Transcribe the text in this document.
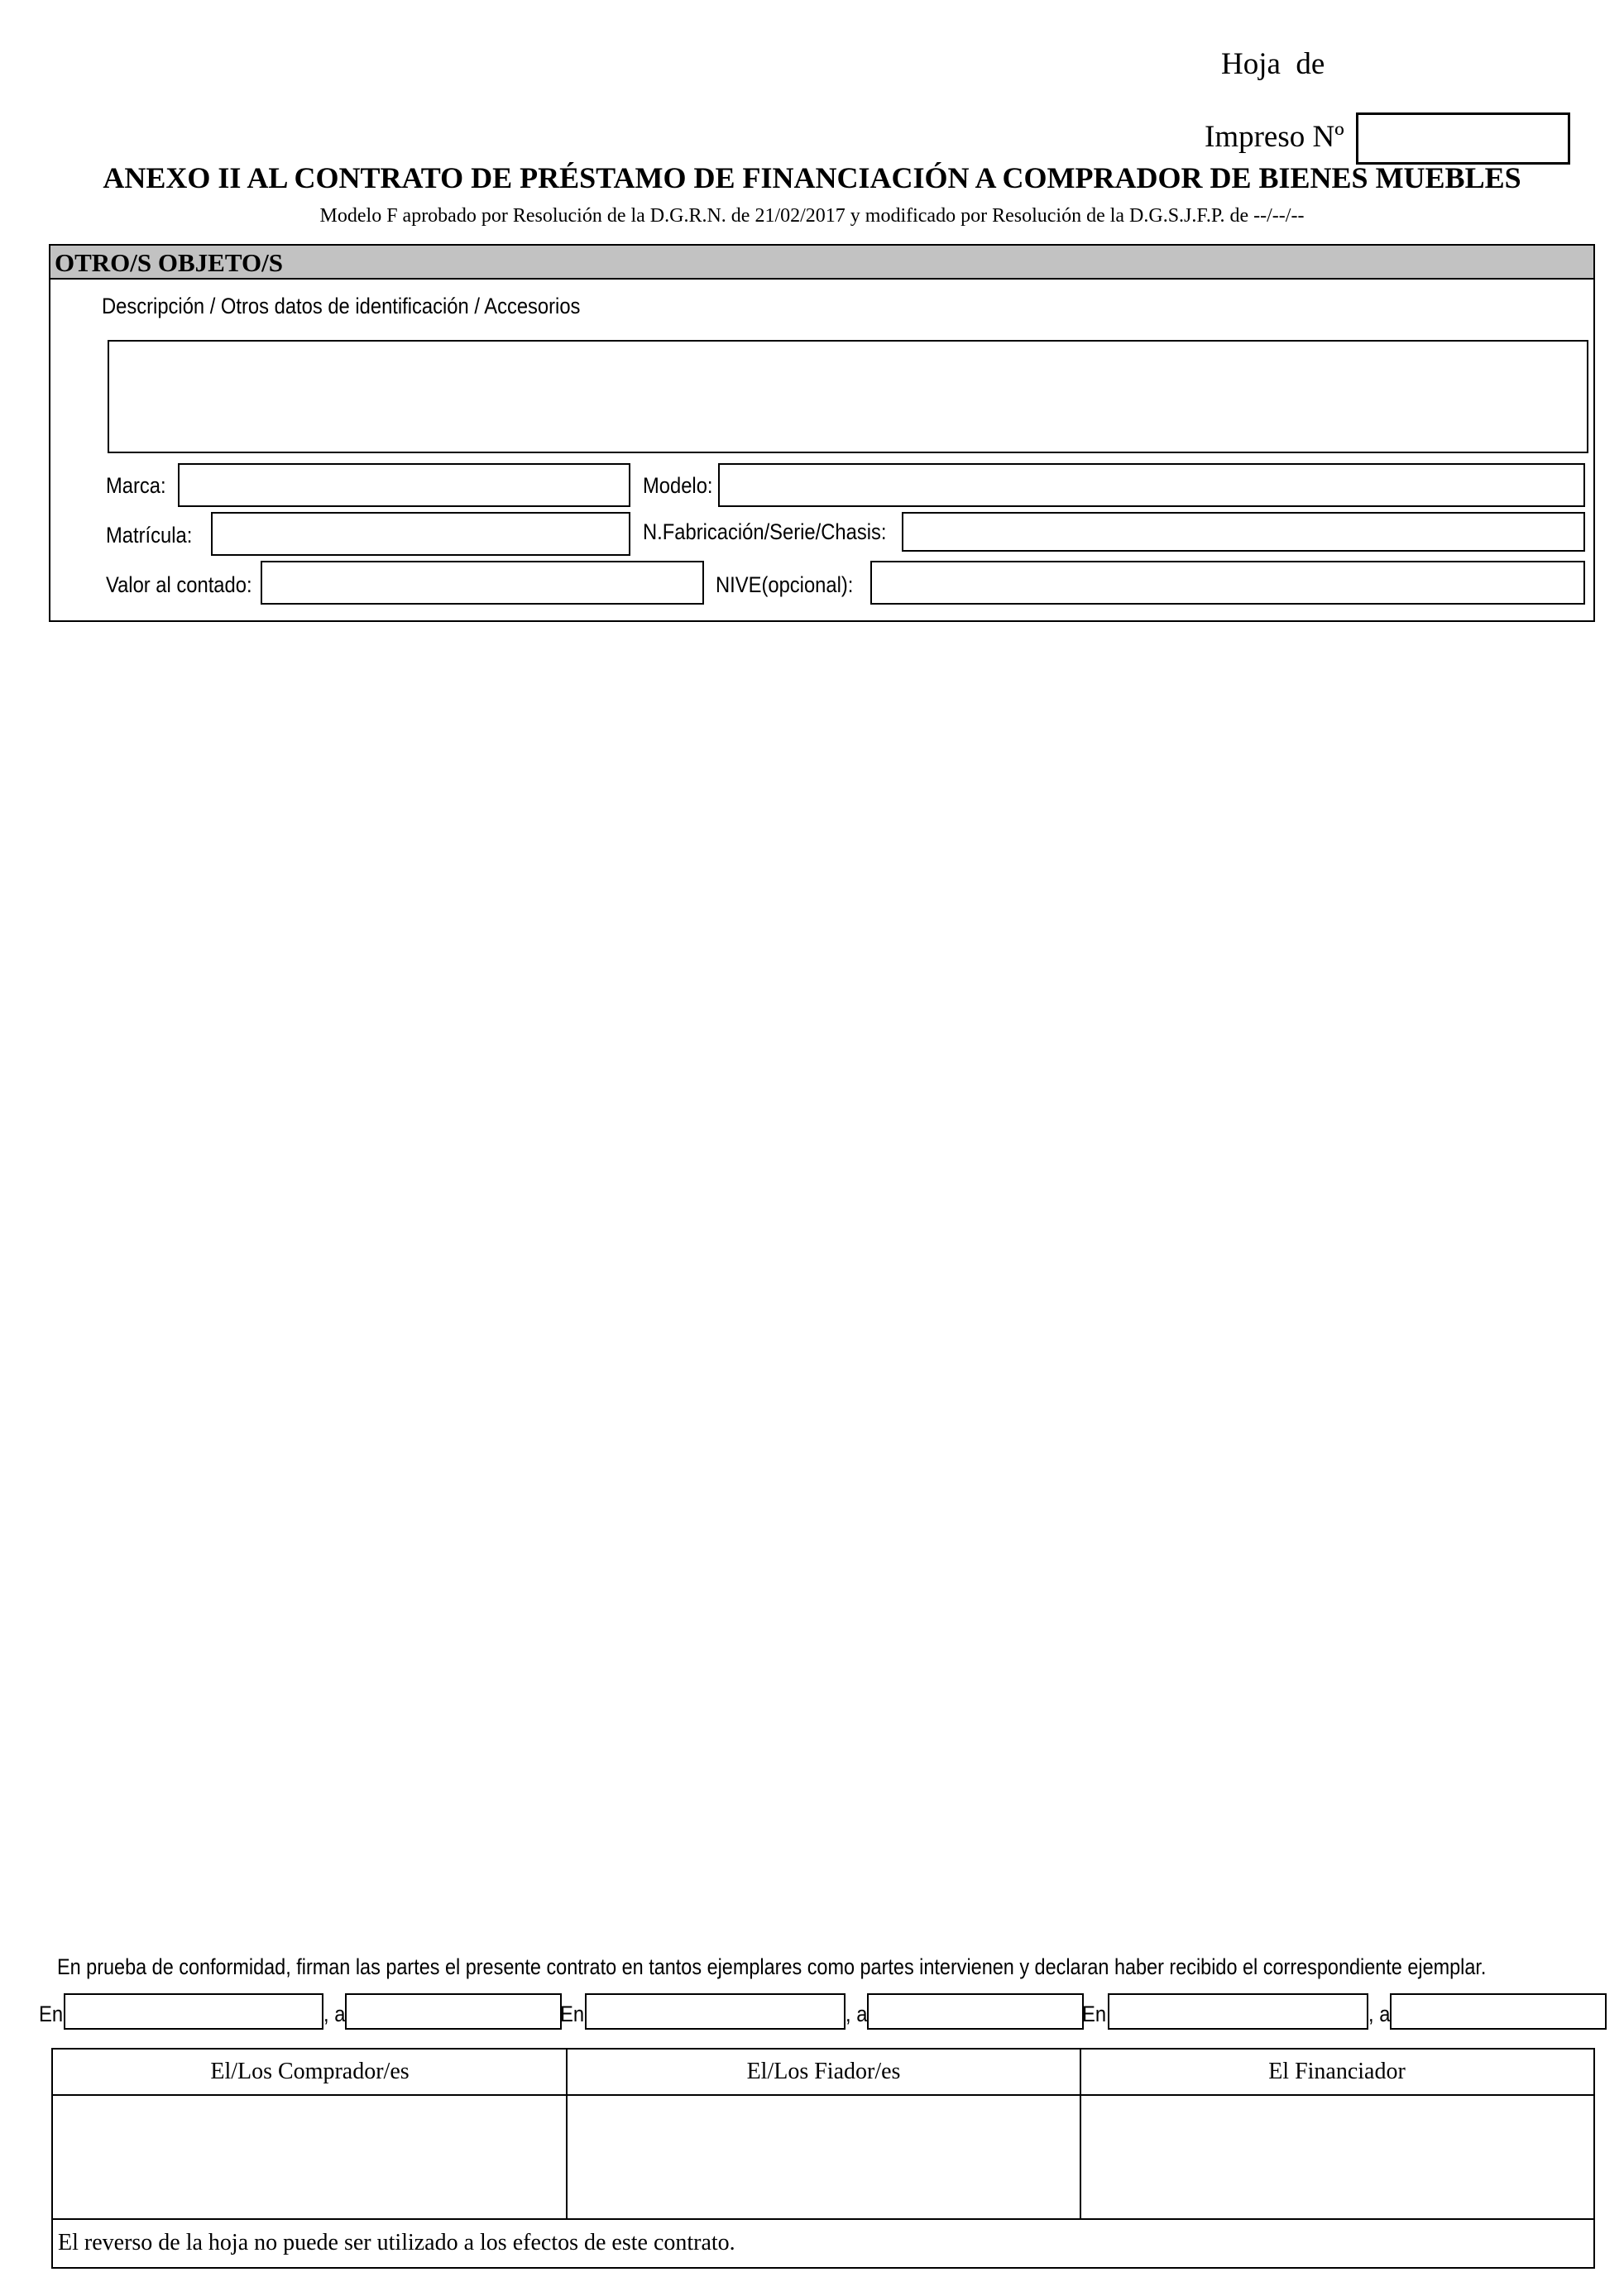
Hoja  de
Impreso Nº
ANEXO II AL CONTRATO DE PRÉSTAMO DE FINANCIACIÓN A COMPRADOR DE BIENES MUEBLES
Modelo F aprobado por Resolución de la D.G.R.N. de 21/02/2017 y modificado por Resolución de la D.G.S.J.F.P. de --/--/--
OTRO/S OBJETO/S
Descripción / Otros datos de identificación / Accesorios
Marca:	Modelo:
Matrícula:	N.Fabricación/Serie/Chasis:
Valor al contado:	NIVE(opcional):
En prueba de conformidad, firman las partes el presente contrato en tantos ejemplares como partes intervienen y declaran haber recibido el correspondiente ejemplar.
En	, a	En	, a	En	, a
El/Los Comprador/es	El/Los Fiador/es	El Financiador
El reverso de la hoja no puede ser utilizado a los efectos de este contrato.
